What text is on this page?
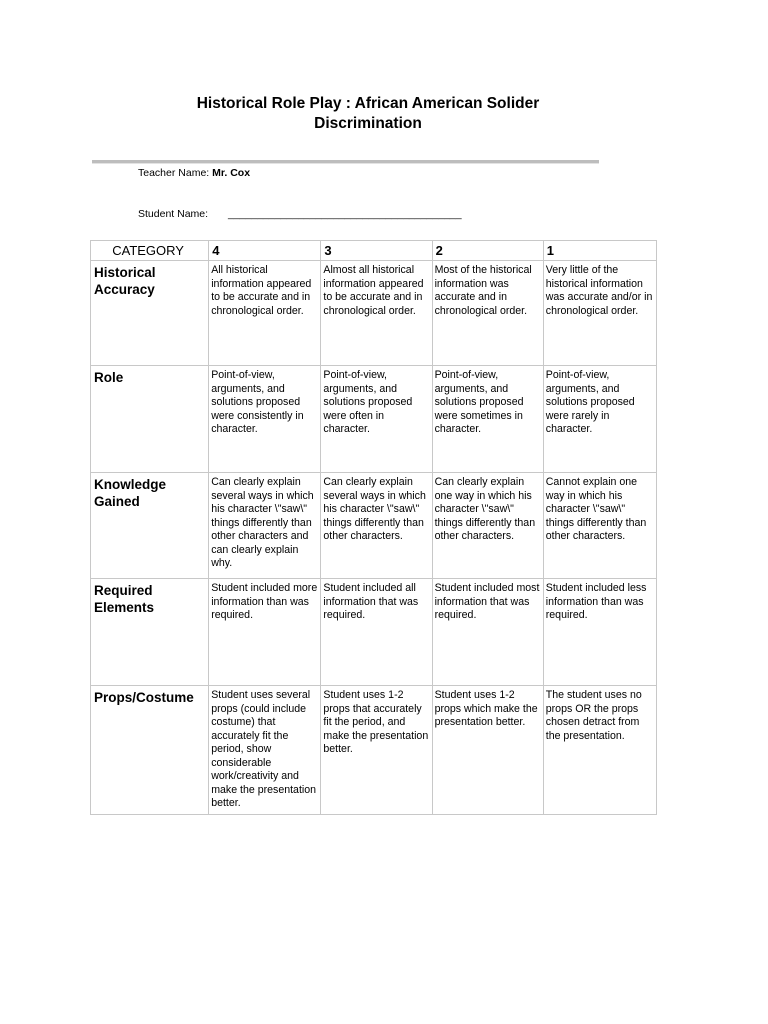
Historical Role Play : African American Solider
Discrimination
Teacher Name: Mr. Cox
Student Name: ________________________________________
CATEGORY	4	3	2	1
Historical Accuracy	All historical information appeared to be accurate and in chronological order.	Almost all historical information appeared to be accurate and in chronological order.	Most of the historical information was accurate and in chronological order.	Very little of the historical information was accurate and/or in chronological order.
Role	Point-of-view, arguments, and solutions proposed were consistently in character.	Point-of-view, arguments, and solutions proposed were often in character.	Point-of-view, arguments, and solutions proposed were sometimes in character.	Point-of-view, arguments, and solutions proposed were rarely in character.
Knowledge Gained	Can clearly explain several ways in which his character \"saw\" things differently than other characters and can clearly explain why.	Can clearly explain several ways in which his character \"saw\" things differently than other characters.	Can clearly explain one way in which his character \"saw\" things differently than other characters.	Cannot explain one way in which his character \"saw\" things differently than other characters.
Required Elements	Student included more information than was required.	Student included all information that was required.	Student included most information that was required.	Student included less information than was required.
Props/Costume	Student uses several props (could include costume) that accurately fit the period, show considerable work/creativity and make the presentation better.	Student uses 1-2 props that accurately fit the period, and make the presentation better.	Student uses 1-2 props which make the presentation better.	The student uses no props OR the props chosen detract from the presentation.
